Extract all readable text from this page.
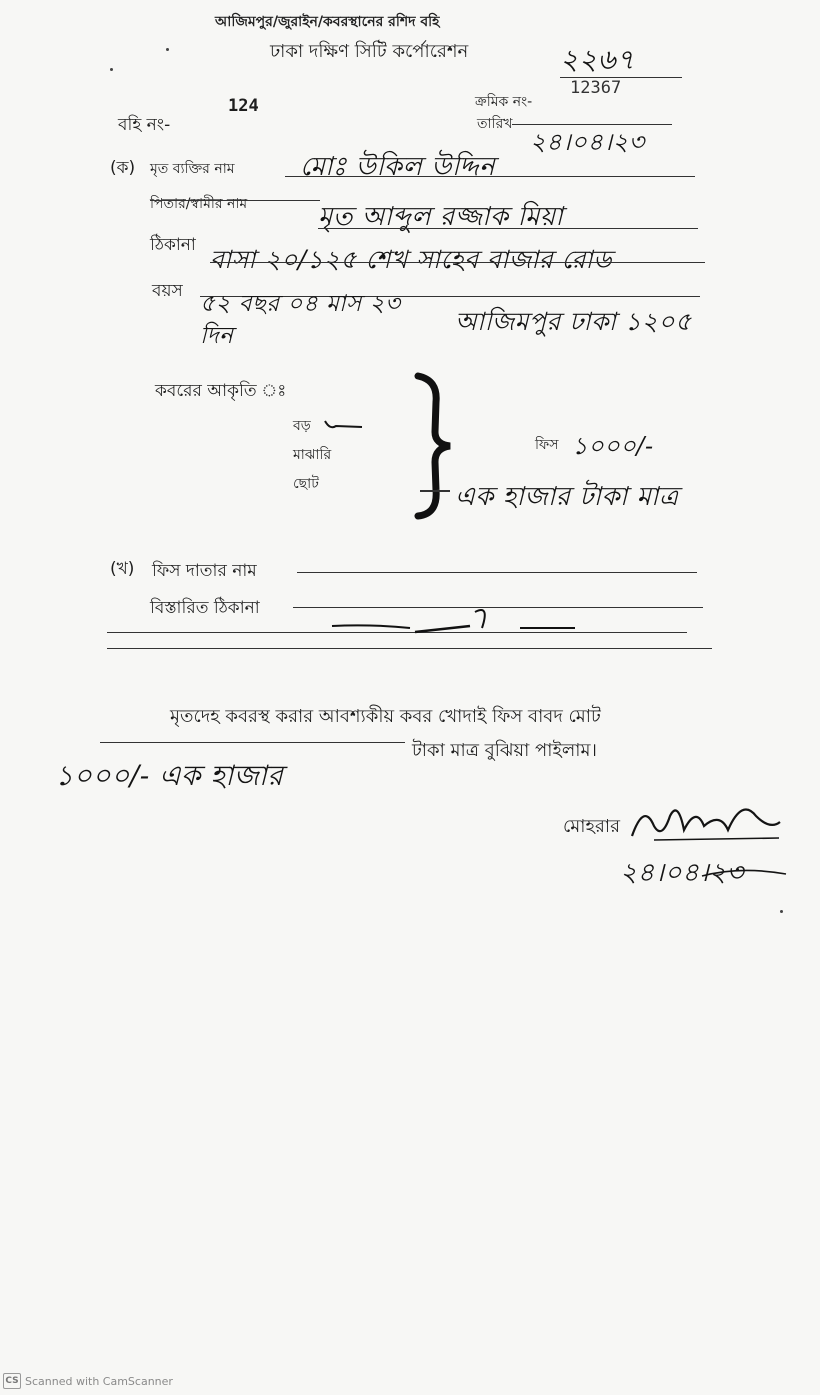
আজিমপুর/জুরাইন/কবরস্থানের রশিদ বহি
ঢাকা দক্ষিণ সিটি কর্পোরেশন	২২৬৭
ক্রমিক নং-
12367
বহি নং-
124
তারিখ
২৪।০৪।২৩
(ক) মৃত ব্যক্তির নাম	মোঃ উকিল উদ্দিন
পিতার/স্বামীর নাম	মৃত আব্দুল রজ্জাক মিয়া
ঠিকানা বাসা ২০/১২৫ শেখ সাহেব বাজার রোড
বয়স ৫২ বছর ০৪ মাস ২৩ দিন	আজিমপুর ঢাকা ১২০৫
কবরের আকৃতি ঃ
বড়
মাঝারি
ছোট
ফিস ১০০০/-
এক হাজার টাকা মাত্র
(খ) ফিস দাতার নাম
বিস্তারিত ঠিকানা
মৃতদেহ কবরস্থ করার আবশ্যকীয় কবর খোদাই ফিস বাবদ মোট
টাকা মাত্র বুঝিয়া পাইলাম।
১০০০/- এক হাজার
মোহরার
২৪।০৪।২৩
CS Scanned with CamScanner
